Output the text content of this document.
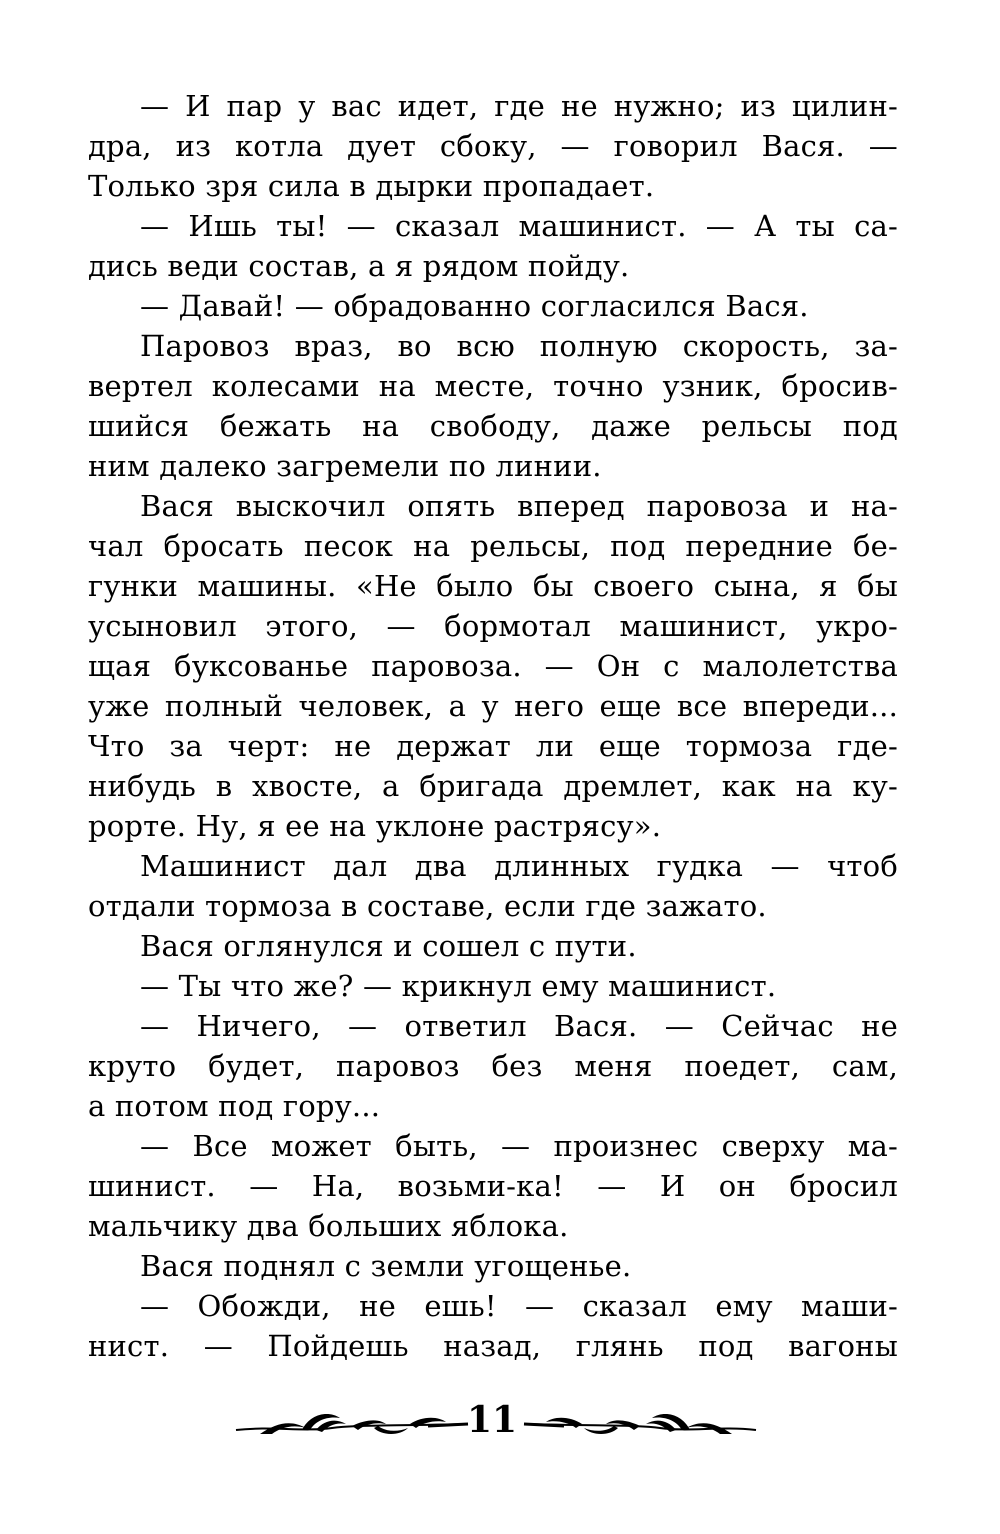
— И пар у вас идет, где не нужно; из цилин-
дра, из котла дует сбоку, — говорил Вася. —
Только зря сила в дырки пропадает.
— Ишь ты! — сказал машинист. — А ты са-
дись веди состав, а я рядом пойду.
— Давай! — обрадованно согласился Вася.
Паровоз враз, во всю полную скорость, за-
вертел колесами на месте, точно узник, бросив-
шийся бежать на свободу, даже рельсы под
ним далеко загремели по линии.
Вася выскочил опять вперед паровоза и на-
чал бросать песок на рельсы, под передние бе-
гунки машины. «Не было бы своего сына, я бы
усыновил этого, — бормотал машинист, укро-
щая буксованье паровоза. — Он с малолетства
уже полный человек, а у него еще все впереди...
Что за черт: не держат ли еще тормоза где-
нибудь в хвосте, а бригада дремлет, как на ку-
рорте. Ну, я ее на уклоне растрясу».
Машинист дал два длинных гудка — чтоб
отдали тормоза в составе, если где зажато.
Вася оглянулся и сошел с пути.
— Ты что же? — крикнул ему машинист.
— Ничего, — ответил Вася. — Сейчас не
круто будет, паровоз без меня поедет, сам,
а потом под гору...
— Все может быть, — произнес сверху ма-
шинист. — На, возьми-ка! — И он бросил
мальчику два больших яблока.
Вася поднял с земли угощенье.
— Обожди, не ешь! — сказал ему маши-
нист. — Пойдешь назад, глянь под вагоны
11
